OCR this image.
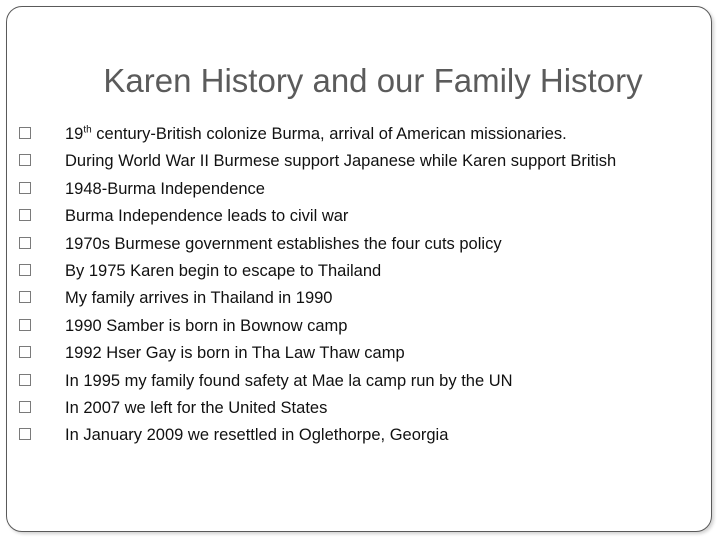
Karen History and our Family History
19th century-British colonize Burma, arrival of American missionaries.
During World War II Burmese support Japanese while Karen support British
1948-Burma Independence
Burma Independence leads to civil war
1970s Burmese government establishes the four cuts policy
By 1975 Karen begin to escape to Thailand
My family arrives in Thailand in 1990
1990 Samber is born in Bownow camp
1992 Hser Gay is born in Tha Law Thaw camp
In 1995 my family found safety at Mae la camp run by the UN
In 2007 we left for the United States
In January 2009 we resettled in Oglethorpe, Georgia
